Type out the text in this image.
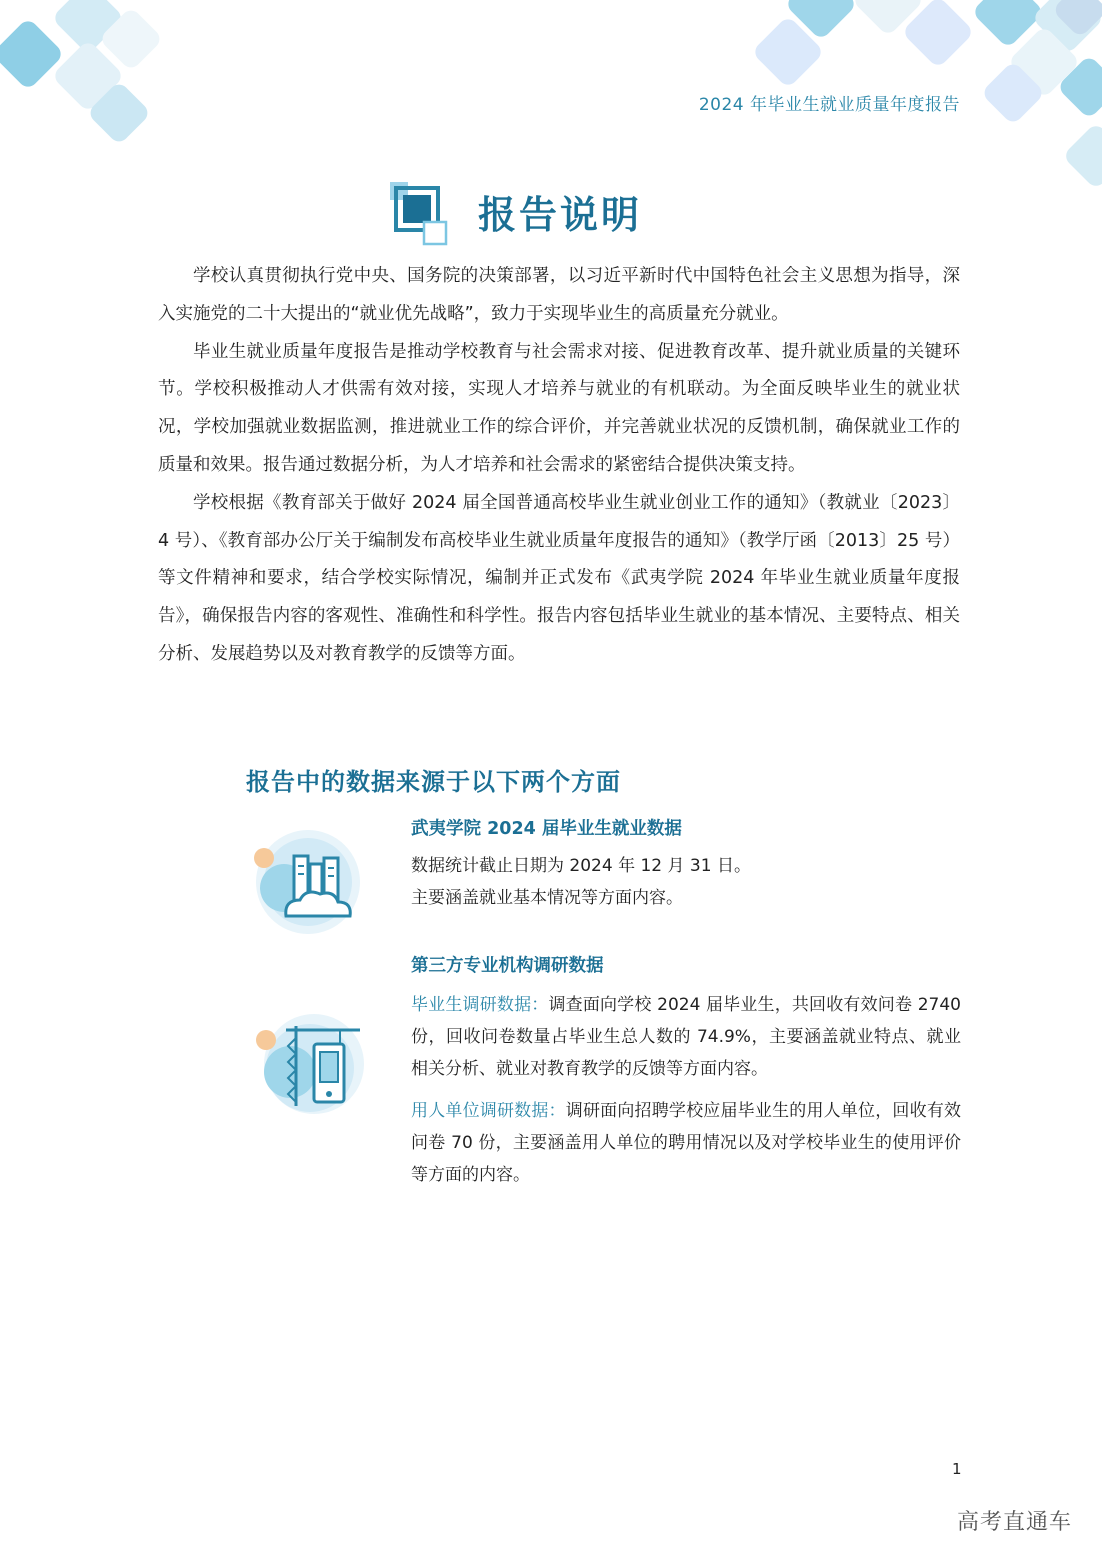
2024 年毕业生就业质量年度报告
报告说明

学校认真贯彻执行党中央、国务院的决策部署，以习近平新时代中国特色社会主义思想为指导，深入实施党的二十大提出的“就业优先战略”，致力于实现毕业生的高质量充分就业。

毕业生就业质量年度报告是推动学校教育与社会需求对接、促进教育改革、提升就业质量的关键环节。学校积极推动人才供需有效对接，实现人才培养与就业的有机联动。为全面反映毕业生的就业状况，学校加强就业数据监测，推进就业工作的综合评价，并完善就业状况的反馈机制，确保就业工作的质量和效果。报告通过数据分析，为人才培养和社会需求的紧密结合提供决策支持。

学校根据《教育部关于做好 2024 届全国普通高校毕业生就业创业工作的通知》（教就业〔2023〕4 号）、《教育部办公厅关于编制发布高校毕业生就业质量年度报告的通知》（教学厅函〔2013〕25 号）等文件精神和要求，结合学校实际情况，编制并正式发布《武夷学院 2024 年毕业生就业质量年度报告》，确保报告内容的客观性、准确性和科学性。报告内容包括毕业生就业的基本情况、主要特点、相关分析、发展趋势以及对教育教学的反馈等方面。

报告中的数据来源于以下两个方面
武夷学院 2024 届毕业生就业数据
数据统计截止日期为 2024 年 12 月 31 日。
主要涵盖就业基本情况等方面内容。
第三方专业机构调研数据
毕业生调研数据：调查面向学校 2024 届毕业生，共回收有效问卷 2740 份，回收问卷数量占毕业生总人数的 74.9%，主要涵盖就业特点、就业相关分析、就业对教育教学的反馈等方面内容。
用人单位调研数据：调研面向招聘学校应届毕业生的用人单位，回收有效问卷 70 份，主要涵盖用人单位的聘用情况以及对学校毕业生的使用评价等方面的内容。
1
高考直通车
